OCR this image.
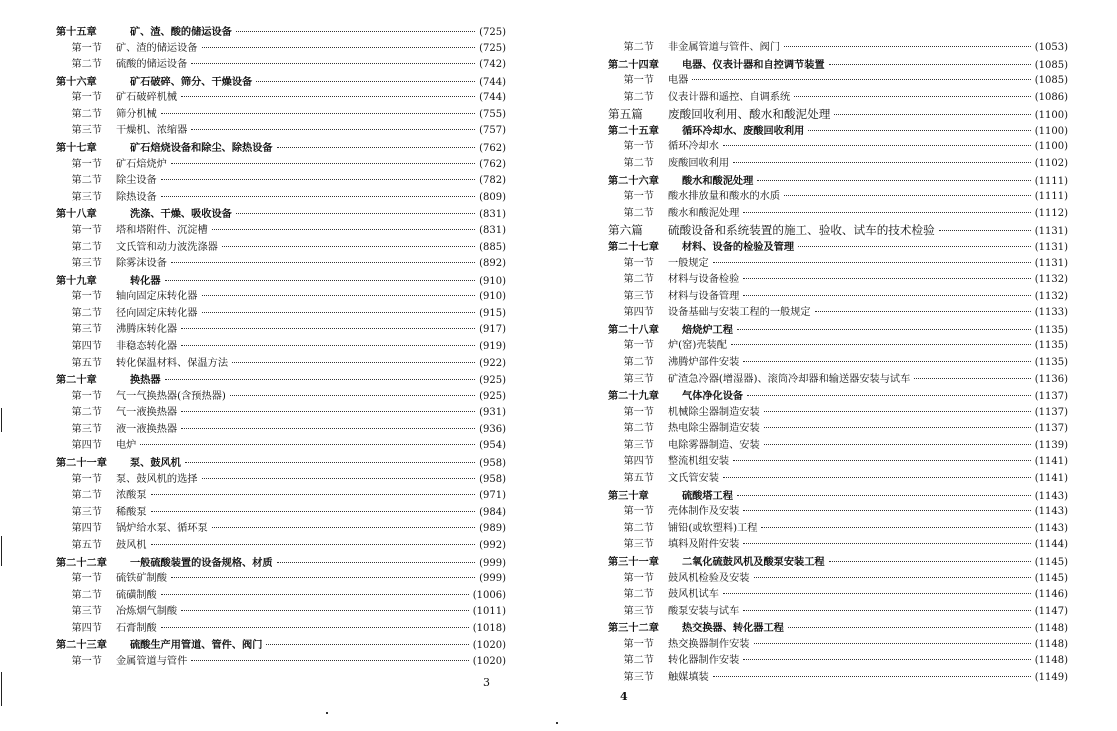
第十五章	矿、渣、酸的储运设备	(725)
第一节 矿、渣的储运设备	(725)
第二节 硫酸的储运设备	(742)
第十六章	矿石破碎、筛分、干燥设备	(744)
第一节 矿石破碎机械	(744)
第二节 筛分机械	(755)
第三节 干燥机、浓缩器	(757)
第十七章	矿石焙烧设备和除尘、除热设备	(762)
第一节 矿石焙烧炉	(762)
第二节 除尘设备	(782)
第三节 除热设备	(809)
第十八章	洗涤、干燥、吸收设备	(831)
第一节 塔和塔附件、沉淀槽	(831)
第二节 文氏管和动力波洗涤器	(885)
第三节 除雾沫设备	(892)
第十九章	转化器	(910)
第一节 轴向固定床转化器	(910)
第二节 径向固定床转化器	(915)
第三节 沸腾床转化器	(917)
第四节 非稳态转化器	(919)
第五节 转化保温材料、保温方法	(922)
第二十章	换热器	(925)
第一节 气一气换热器(含预热器)	(925)
第二节 气一液换热器	(931)
第三节 液一液换热器	(936)
第四节 电炉	(954)
第二十一章	泵、鼓风机	(958)
第一节 泵、鼓风机的选择	(958)
第二节 浓酸泵	(971)
第三节 稀酸泵	(984)
第四节 锅炉给水泵、循环泵	(989)
第五节 鼓风机	(992)
第二十二章	一般硫酸装置的设备规格、材质	(999)
第一节 硫铁矿制酸	(999)
第二节 硫磺制酸	(1006)
第三节 冶炼烟气制酸	(1011)
第四节 石膏制酸	(1018)
第二十三章	硫酸生产用管道、管件、阀门	(1020)
第一节 金属管道与管件	(1020)
3
第二节 非金属管道与管件、阀门	(1053)
第二十四章	电器、仪表计器和自控调节装置	(1085)
第一节 电器	(1085)
第二节 仪表计器和遥控、自调系统	(1086)
第五篇	废酸回收利用、酸水和酸泥处理	(1100)
第二十五章	循环冷却水、废酸回收利用	(1100)
第一节 循环冷却水	(1100)
第二节 废酸回收利用	(1102)
第二十六章	酸水和酸泥处理	(1111)
第一节 酸水排放量和酸水的水质	(1111)
第二节 酸水和酸泥处理	(1112)
第六篇	硫酸设备和系统装置的施工、验收、试车的技术检验	(1131)
第二十七章	材料、设备的检验及管理	(1131)
第一节 一般规定	(1131)
第二节 材料与设备检验	(1132)
第三节 材料与设备管理	(1132)
第四节 设备基础与安装工程的一般规定	(1133)
第二十八章	焙烧炉工程	(1135)
第一节 炉(窑)壳装配	(1135)
第二节 沸腾炉部件安装	(1135)
第三节 矿渣急冷器(增湿器)、滚筒冷却器和输送器安装与试车	(1136)
第二十九章	气体净化设备	(1137)
第一节 机械除尘器制造安装	(1137)
第二节 热电除尘器制造安装	(1137)
第三节 电除雾器制造、安装	(1139)
第四节 整流机组安装	(1141)
第五节 文氏管安装	(1141)
第三十章	硫酸塔工程	(1143)
第一节 壳体制作及安装	(1143)
第二节 铺铅(或软塑料)工程	(1143)
第三节 填料及附件安装	(1144)
第三十一章	二氧化硫鼓风机及酸泵安装工程	(1145)
第一节 鼓风机检验及安装	(1145)
第二节 鼓风机试车	(1146)
第三节 酸泵安装与试车	(1147)
第三十二章	热交换器、转化器工程	(1148)
第一节 热交换器制作安装	(1148)
第二节 转化器制作安装	(1148)
第三节 触媒填装	(1149)
4
